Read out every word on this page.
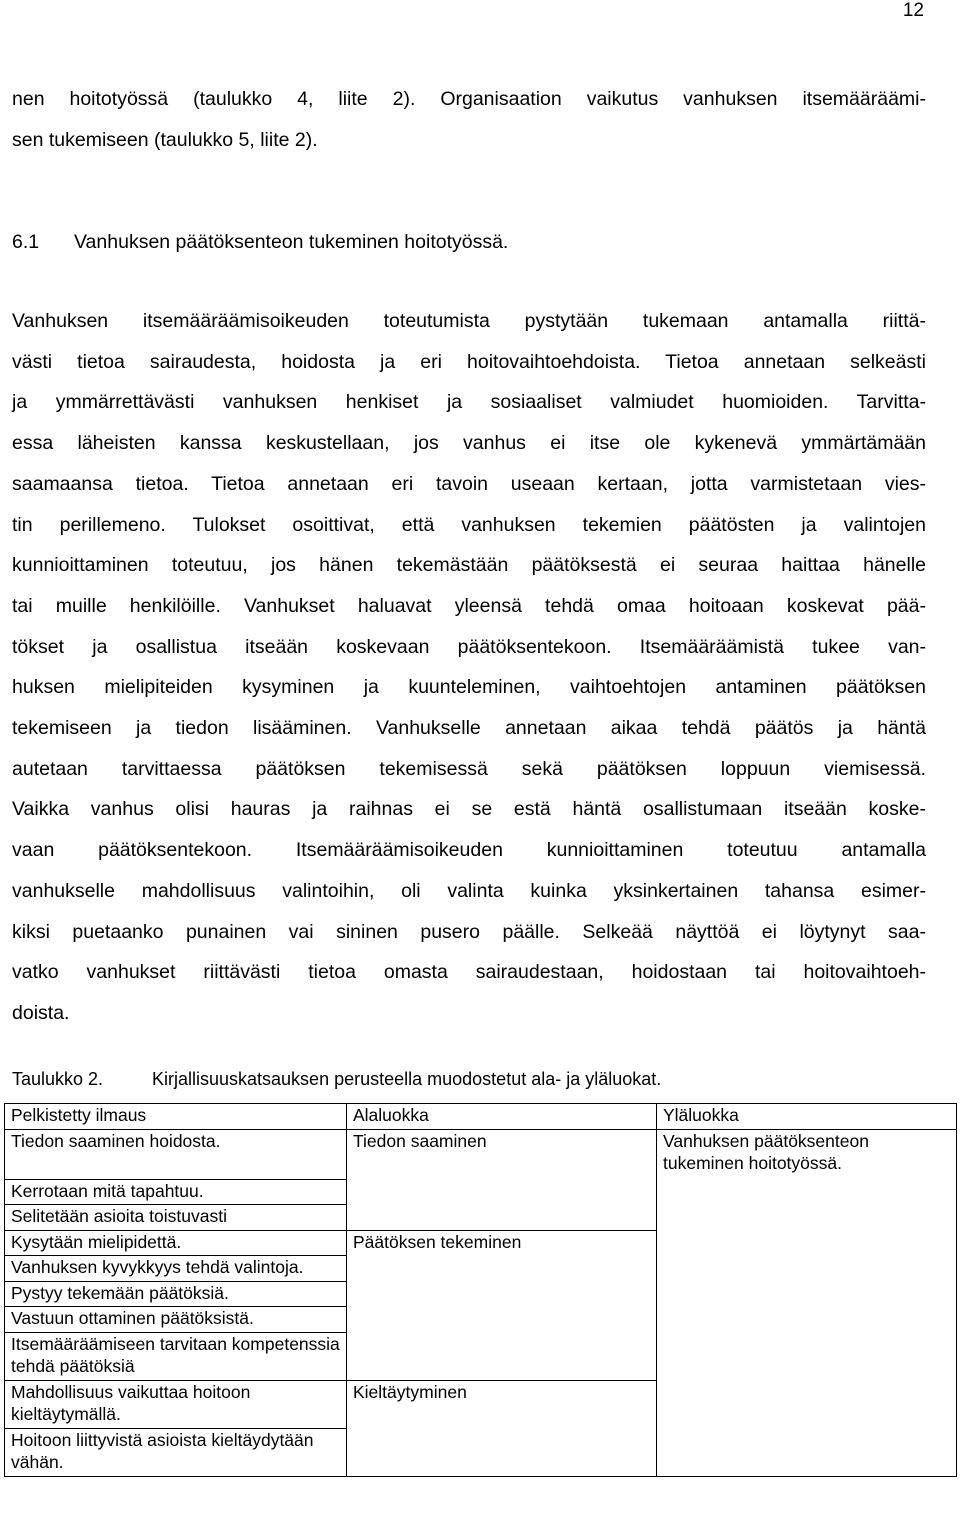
12
nen hoitotyössä (taulukko 4, liite 2). Organisaation vaikutus vanhuksen itsemääräämi-
sen tukemiseen (taulukko 5, liite 2).
6.1 Vanhuksen päätöksenteon tukeminen hoitotyössä.
Vanhuksen itsemääräämisoikeuden toteutumista pystytään tukemaan antamalla riittä-
västi tietoa sairaudesta, hoidosta ja eri hoitovaihtoehdoista. Tietoa annetaan selkeästi
ja ymmärrettävästi vanhuksen henkiset ja sosiaaliset valmiudet huomioiden. Tarvitta-
essa läheisten kanssa keskustellaan, jos vanhus ei itse ole kykenevä ymmärtämään
saamaansa tietoa. Tietoa annetaan eri tavoin useaan kertaan, jotta varmistetaan vies-
tin perillemeno. Tulokset osoittivat, että vanhuksen tekemien päätösten ja valintojen
kunnioittaminen toteutuu, jos hänen tekemästään päätöksestä ei seuraa haittaa hänelle
tai muille henkilöille. Vanhukset haluavat yleensä tehdä omaa hoitoaan koskevat pää-
tökset ja osallistua itseään koskevaan päätöksentekoon. Itsemääräämistä tukee van-
huksen mielipiteiden kysyminen ja kuunteleminen, vaihtoehtojen antaminen päätöksen
tekemiseen ja tiedon lisääminen. Vanhukselle annetaan aikaa tehdä päätös ja häntä
autetaan tarvittaessa päätöksen tekemisessä sekä päätöksen loppuun viemisessä.
Vaikka vanhus olisi hauras ja raihnas ei se estä häntä osallistumaan itseään koske-
vaan päätöksentekoon. Itsemääräämisoikeuden kunnioittaminen toteutuu antamalla
vanhukselle mahdollisuus valintoihin, oli valinta kuinka yksinkertainen tahansa esimer-
kiksi puetaanko punainen vai sininen pusero päälle. Selkeää näyttöä ei löytynyt saa-
vatko vanhukset riittävästi tietoa omasta sairaudestaan, hoidostaan tai hoitovaihtoeh-
doista.
Taulukko 2.	Kirjallisuuskatsauksen perusteella muodostetut ala- ja yläluokat.
Pelkistetty ilmaus	Alaluokka	Yläluokka
Tiedon saaminen hoidosta.	Tiedon saaminen	Vanhuksen päätöksenteon tukeminen hoitotyössä.
Kerrotaan mitä tapahtuu.		
Selitetään asioita toistuvasti		
Kysytään mielipidettä.	Päätöksen tekeminen	
Vanhuksen kyvykkyys tehdä valintoja.		
Pystyy tekemään päätöksiä.		
Vastuun ottaminen päätöksistä.		
Itsemääräämiseen tarvitaan kompetenssia tehdä päätöksiä		
Mahdollisuus vaikuttaa hoitoon kieltäytymällä.	Kieltäytyminen	
Hoitoon liittyvistä asioista kieltäydytään vähän.		
